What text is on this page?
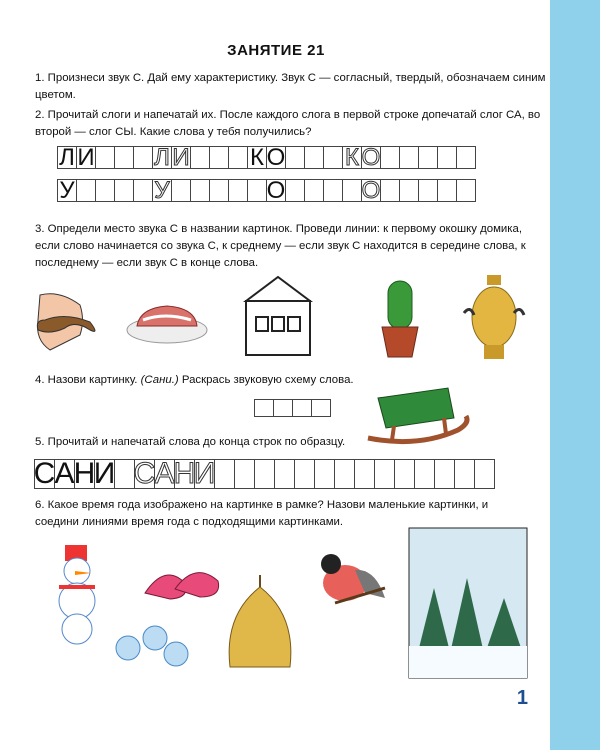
ЗАНЯТИЕ 21
1. Произнеси звук С. Дай ему характеристику. Звук С — согласный, твердый, обозначаем синим цветом.
2. Прочитай слоги и напечатай их. После каждого слога в первой строке допечатай слог СА, во второй — слог СЫ. Какие слова у тебя получились?
Л И Л И	К О К О
У	У	О	О
3. Определи место звука С в названии картинок. Проведи линии: к первому окошку домика, если слово начинается со звука С, к среднему — если звук С находится в середине слова, к последнему — если звук С в конце слова.
4. Назови картинку. (Сани.) Раскрась звуковую схему слова.
5. Прочитай и напечатай слова до конца строк по образцу.
С А Н
И С А Н
И
6. Какое время года изображено на картинке в рамке? Назови маленькие картинки, и соедини линиями время года с подходящими картинками.
1
